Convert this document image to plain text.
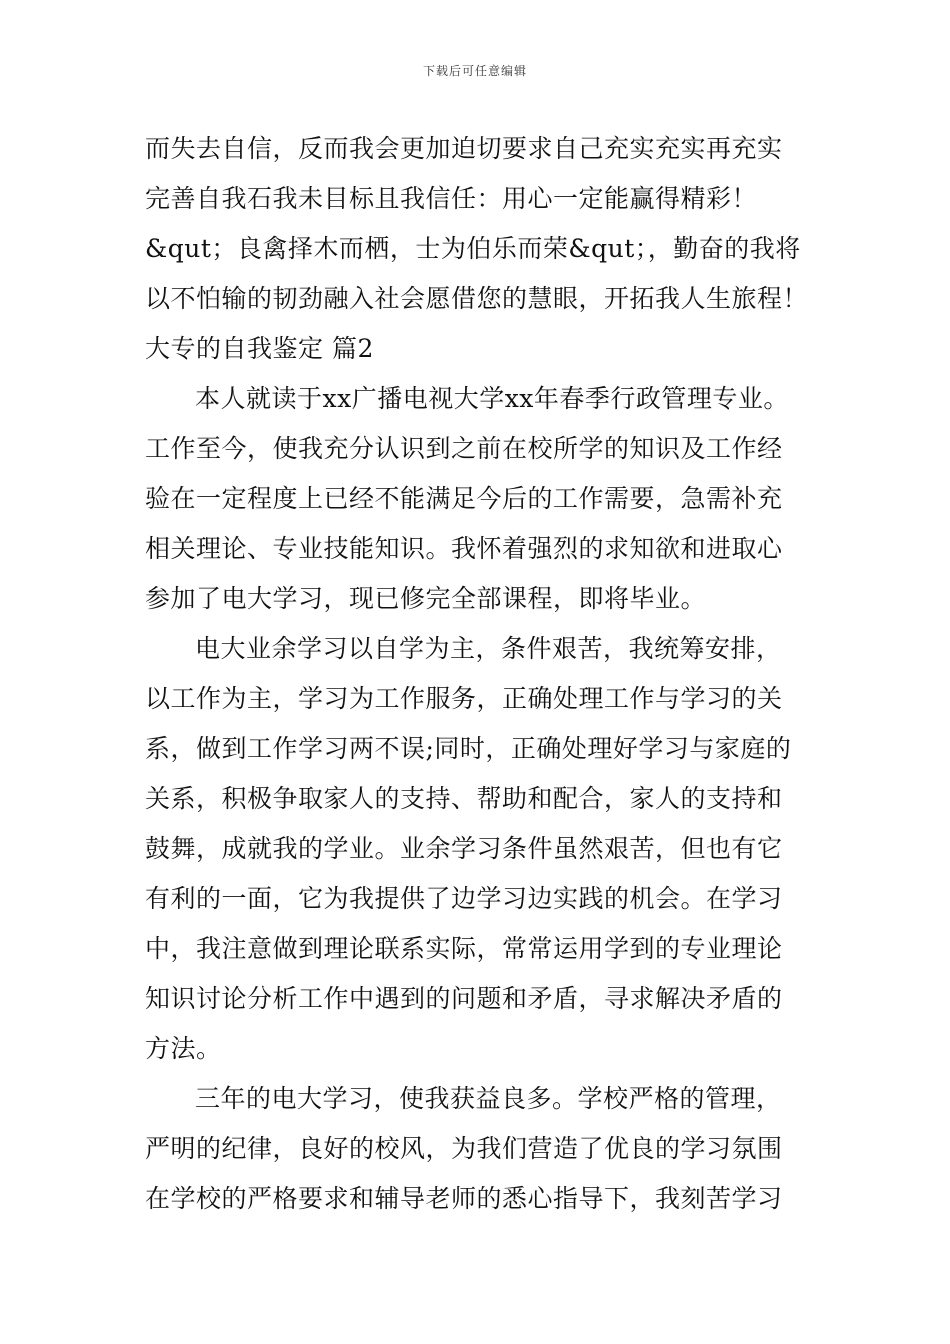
下载后可任意编辑
而失去自信，反而我会更加迫切要求自己充实充实再充实
完善自我石我未目标且我信任：用心一定能赢得精彩！
&qut；良禽择木而栖，士为伯乐而荣&qut；，勤奋的我将
以不怕输的韧劲融入社会愿借您的慧眼，开拓我人生旅程！
大专的自我鉴定 篇2
本人就读于xx广播电视大学xx年春季行政管理专业。
工作至今，使我充分认识到之前在校所学的知识及工作经
验在一定程度上已经不能满足今后的工作需要，急需补充
相关理论、专业技能知识。我怀着强烈的求知欲和进取心
参加了电大学习，现已修完全部课程，即将毕业。
电大业余学习以自学为主，条件艰苦，我统筹安排，
以工作为主，学习为工作服务，正确处理工作与学习的关
系，做到工作学习两不误;同时，正确处理好学习与家庭的
关系，积极争取家人的支持、帮助和配合，家人的支持和
鼓舞，成就我的学业。业余学习条件虽然艰苦，但也有它
有利的一面，它为我提供了边学习边实践的机会。在学习
中，我注意做到理论联系实际，常常运用学到的专业理论
知识讨论分析工作中遇到的问题和矛盾，寻求解决矛盾的
方法。
三年的电大学习，使我获益良多。学校严格的管理，
严明的纪律，良好的校风，为我们营造了优良的学习氛围
在学校的严格要求和辅导老师的悉心指导下，我刻苦学习
